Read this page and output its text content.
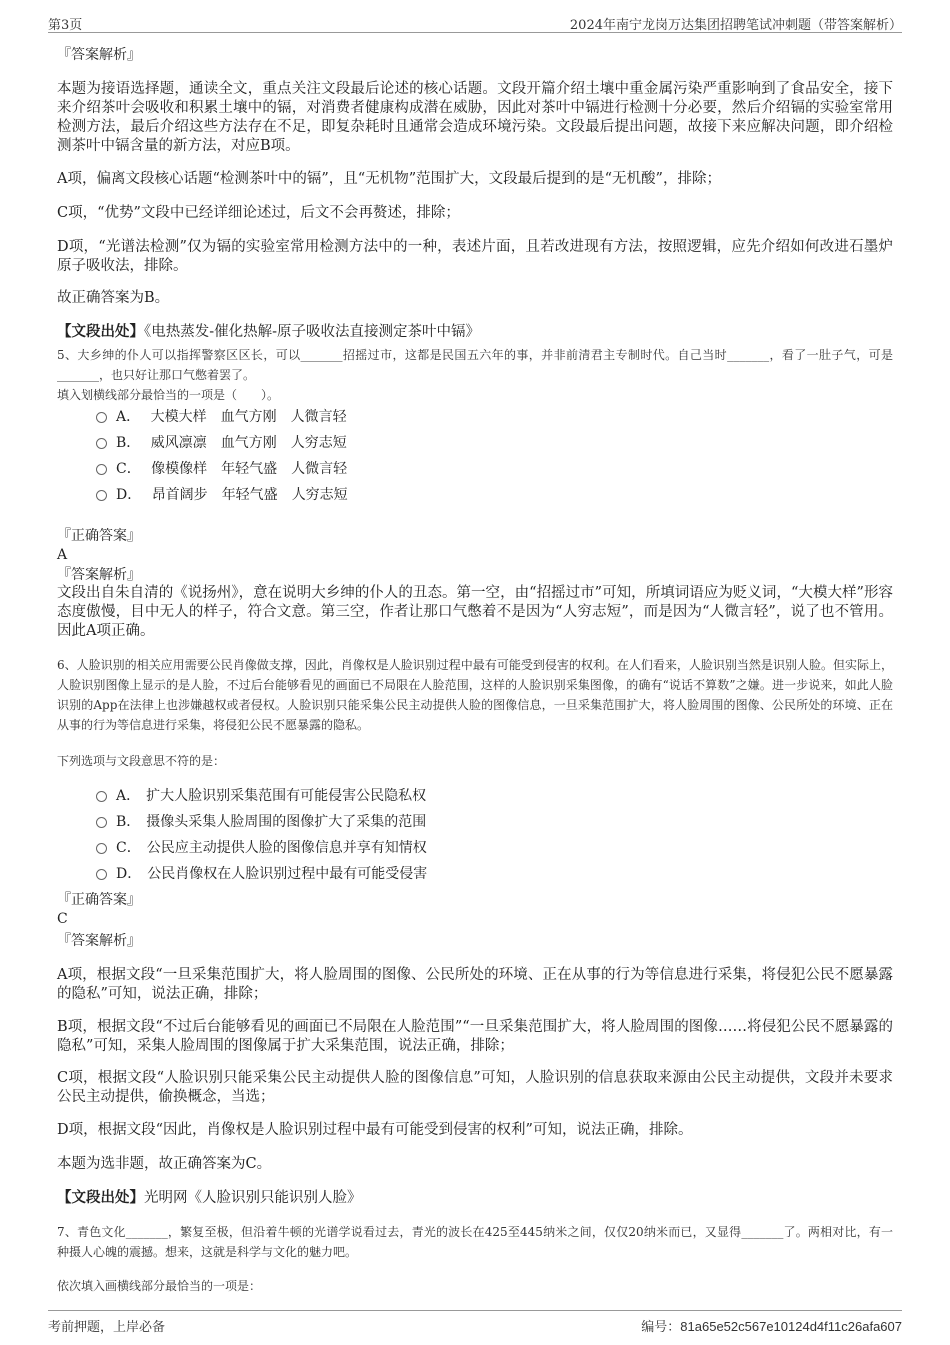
第3页	2024年南宁龙岗万达集团招聘笔试冲刺题（带答案解析）
『答案解析』
本题为接语选择题，通读全文，重点关注文段最后论述的核心话题。文段开篇介绍土壤中重金属污染严重影响到了食品安全，接下来介绍茶叶会吸收和积累土壤中的镉，对消费者健康构成潜在威胁，因此对茶叶中镉进行检测十分必要，然后介绍镉的实验室常用检测方法，最后介绍这些方法存在不足，即复杂耗时且通常会造成环境污染。文段最后提出问题，故接下来应解决问题，即介绍检测茶叶中镉含量的新方法，对应B项。
A项，偏离文段核心话题“检测茶叶中的镉”，且“无机物”范围扩大，文段最后提到的是“无机酸”，排除；
C项，“优势”文段中已经详细论述过，后文不会再赘述，排除；
D项，“光谱法检测”仅为镉的实验室常用检测方法中的一种，表述片面，且若改进现有方法，按照逻辑，应先介绍如何改进石墨炉原子吸收法，排除。
故正确答案为B。
【文段出处】《电热蒸发-催化热解-原子吸收法直接测定茶叶中镉》
5、大乡绅的仆人可以指挥警察区区长，可以_______招摇过市，这都是民国五六年的事，并非前清君主专制时代。自己当时_______，看了一肚子气，可是_______，也只好让那口气憋着罢了。
填入划横线部分最恰当的一项是（　　）。
A． 大模大样 血气方刚 人微言轻
B． 威风凛凛 血气方刚 人穷志短
C． 像模像样 年轻气盛 人微言轻
D． 昂首阔步 年轻气盛 人穷志短
『正确答案』
A
『答案解析』
文段出自朱自清的《说扬州》，意在说明大乡绅的仆人的丑态。第一空，由“招摇过市”可知，所填词语应为贬义词，“大模大样”形容态度傲慢，目中无人的样子，符合文意。第三空，作者让那口气憋着不是因为“人穷志短”，而是因为“人微言轻”，说了也不管用。因此A项正确。
6、人脸识别的相关应用需要公民肖像做支撑，因此，肖像权是人脸识别过程中最有可能受到侵害的权利。在人们看来，人脸识别当然是识别人脸。但实际上，人脸识别图像上显示的是人脸，不过后台能够看见的画面已不局限在人脸范围，这样的人脸识别采集图像，的确有“说话不算数”之嫌。进一步说来，如此人脸识别的App在法律上也涉嫌越权或者侵权。人脸识别只能采集公民主动提供人脸的图像信息，一旦采集范围扩大，将人脸周围的图像、公民所处的环境、正在从事的行为等信息进行采集，将侵犯公民不愿暴露的隐私。
下列选项与文段意思不符的是：
A． 扩大人脸识别采集范围有可能侵害公民隐私权
B． 摄像头采集人脸周围的图像扩大了采集的范围
C． 公民应主动提供人脸的图像信息并享有知情权
D． 公民肖像权在人脸识别过程中最有可能受侵害
『正确答案』
C
『答案解析』
A项，根据文段“一旦采集范围扩大，将人脸周围的图像、公民所处的环境、正在从事的行为等信息进行采集，将侵犯公民不愿暴露的隐私”可知，说法正确，排除；
B项，根据文段“不过后台能够看见的画面已不局限在人脸范围”“一旦采集范围扩大，将人脸周围的图像……将侵犯公民不愿暴露的隐私”可知，采集人脸周围的图像属于扩大采集范围，说法正确，排除；
C项，根据文段“人脸识别只能采集公民主动提供人脸的图像信息”可知，人脸识别的信息获取来源由公民主动提供，文段并未要求公民主动提供，偷换概念，当选；
D项，根据文段“因此，肖像权是人脸识别过程中最有可能受到侵害的权利”可知，说法正确，排除。
本题为选非题，故正确答案为C。
【文段出处】光明网《人脸识别只能识别人脸》
7、青色文化_______，繁复至极，但沿着牛顿的光谱学说看过去，青光的波长在425至445纳米之间，仅仅20纳米而已，又显得_______了。两相对比，有一种摄人心魄的震撼。想来，这就是科学与文化的魅力吧。
依次填入画横线部分最恰当的一项是：
考前押题，上岸必备	编号：81a65e52c567e10124d4f11c26afa607
